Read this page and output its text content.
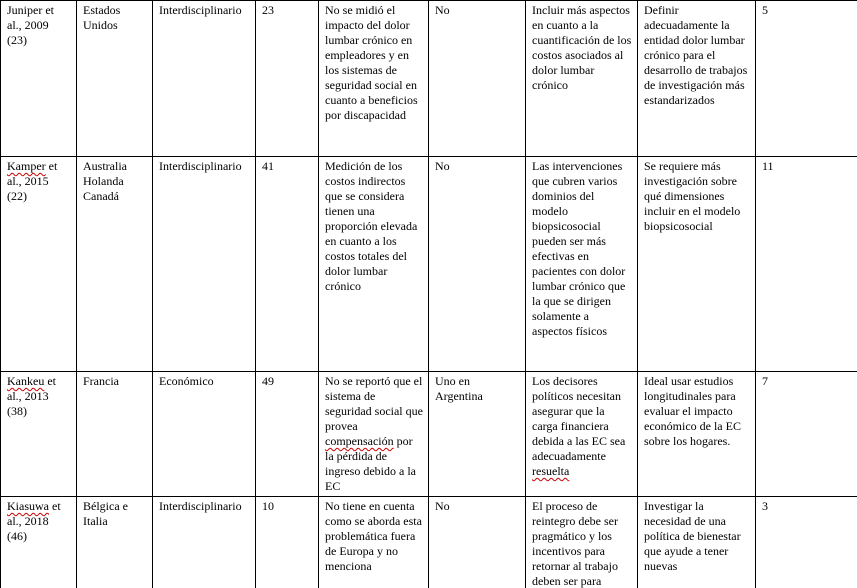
Juniper et al., 2009 (23)	Estados Unidos	Interdisciplinario	23	No se midió el impacto del dolor lumbar crónico en empleadores y en los sistemas de seguridad social en cuanto a beneficios por discapacidad	No	Incluir más aspectos en cuanto a la cuantificación de los costos asociados al dolor lumbar crónico	Definir adecuadamente la entidad dolor lumbar crónico para el desarrollo de trabajos de investigación más estandarizados	5
Kamper et al., 2015 (22)	Australia Holanda Canadá	Interdisciplinario	41	Medición de los costos indirectos que se considera tienen una proporción elevada en cuanto a los costos totales del dolor lumbar crónico	No	Las intervenciones que cubren varios dominios del modelo biopsicosocial pueden ser más efectivas en pacientes con dolor lumbar crónico que la que se dirigen solamente a aspectos físicos	Se requiere más investigación sobre qué dimensiones incluir en el modelo biopsicosocial	11
Kankeu et al., 2013 (38)	Francia	Económico	49	No se reportó que el sistema de seguridad social que provea compensación por la pérdida de ingreso debido a la EC	Uno en Argentina	Los decisores políticos necesitan asegurar que la carga financiera debida a las EC sea adecuadamente resuelta	Ideal usar estudios longitudinales para evaluar el impacto económico de la EC sobre los hogares.	7
Kiasuwa et al., 2018 (46)	Bélgica e Italia	Interdisciplinario	10	No tiene en cuenta como se aborda esta problemática fuera de Europa y no menciona	No	El proceso de reintegro debe ser pragmático y los incentivos para retornar al trabajo deben ser para	Investigar la necesidad de una política de bienestar que ayude a tener nuevas	3
